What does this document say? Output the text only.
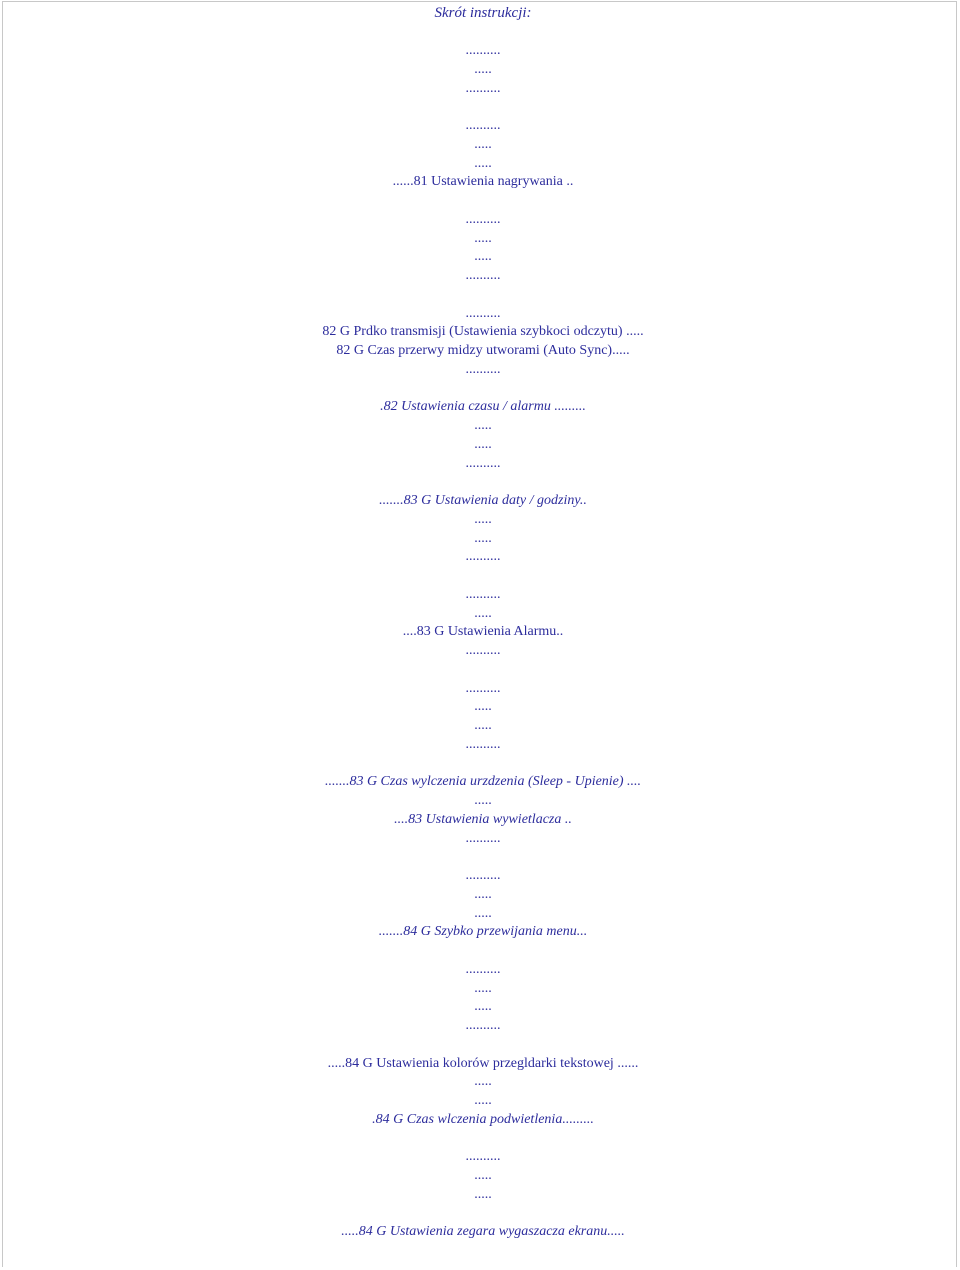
Skrót instrukcji:
..........
.....
..........
..........
.....
.....
......81 Ustawienia nagrywania ..
..........
.....
.....
..........
..........
82 G Prdko transmisji (Ustawienia szybkoci odczytu) .....
82 G Czas przerwy midzy utworami (Auto Sync).....
..........
.82 Ustawienia czasu / alarmu .........
.....
.....
..........
.......83 G Ustawienia daty / godziny..
.....
.....
..........
..........
.....
....83 G Ustawienia Alarmu..
..........
..........
.....
.....
..........
.......83 G Czas wylczenia urzdzenia (Sleep - Upienie) ....
.....
....83 Ustawienia wywietlacza ..
..........
..........
.....
.....
.......84 G Szybko przewijania menu...
..........
.....
.....
..........
.....84 G Ustawienia kolorów przegldarki tekstowej ......
.....
.....
.84 G Czas wlczenia podwietlenia.........
..........
.....
.....
.....84 G Ustawienia zegara wygaszacza ekranu.....
